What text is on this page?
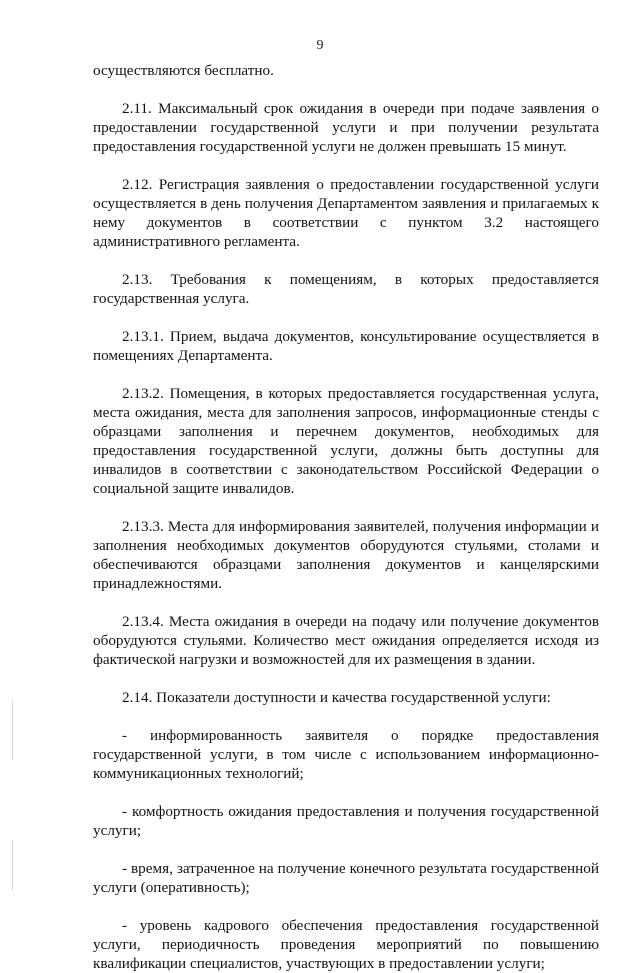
9

осуществляются бесплатно.

2.11. Максимальный срок ожидания в очереди при подаче заявления о предоставлении государственной услуги и при получении результата предоставления государственной услуги не должен превышать 15 минут.

2.12. Регистрация заявления о предоставлении государственной услуги осуществляется в день получения Департаментом заявления и прилагаемых к нему документов в соответствии с пунктом 3.2 настоящего административного регламента.

2.13. Требования к помещениям, в которых предоставляется государственная услуга.

2.13.1. Прием, выдача документов, консультирование осуществляется в помещениях Департамента.

2.13.2. Помещения, в которых предоставляется государственная услуга, места ожидания, места для заполнения запросов, информационные стенды с образцами заполнения и перечнем документов, необходимых для предоставления государственной услуги, должны быть доступны для инвалидов в соответствии с законодательством Российской Федерации о социальной защите инвалидов.

2.13.3. Места для информирования заявителей, получения информации и заполнения необходимых документов оборудуются стульями, столами и обеспечиваются образцами заполнения документов и канцелярскими принадлежностями.

2.13.4. Места ожидания в очереди на подачу или получение документов оборудуются стульями. Количество мест ожидания определяется исходя из фактической нагрузки и возможностей для их размещения в здании.

2.14. Показатели доступности и качества государственной услуги:

- информированность заявителя о порядке предоставления государственной услуги, в том числе с использованием информационно-коммуникационных технологий;

- комфортность ожидания предоставления и получения государственной услуги;

- время, затраченное на получение конечного результата государственной услуги (оперативность);

- уровень кадрового обеспечения предоставления государственной услуги, периодичность проведения мероприятий по повышению квалификации специалистов, участвующих в предоставлении услуги;
